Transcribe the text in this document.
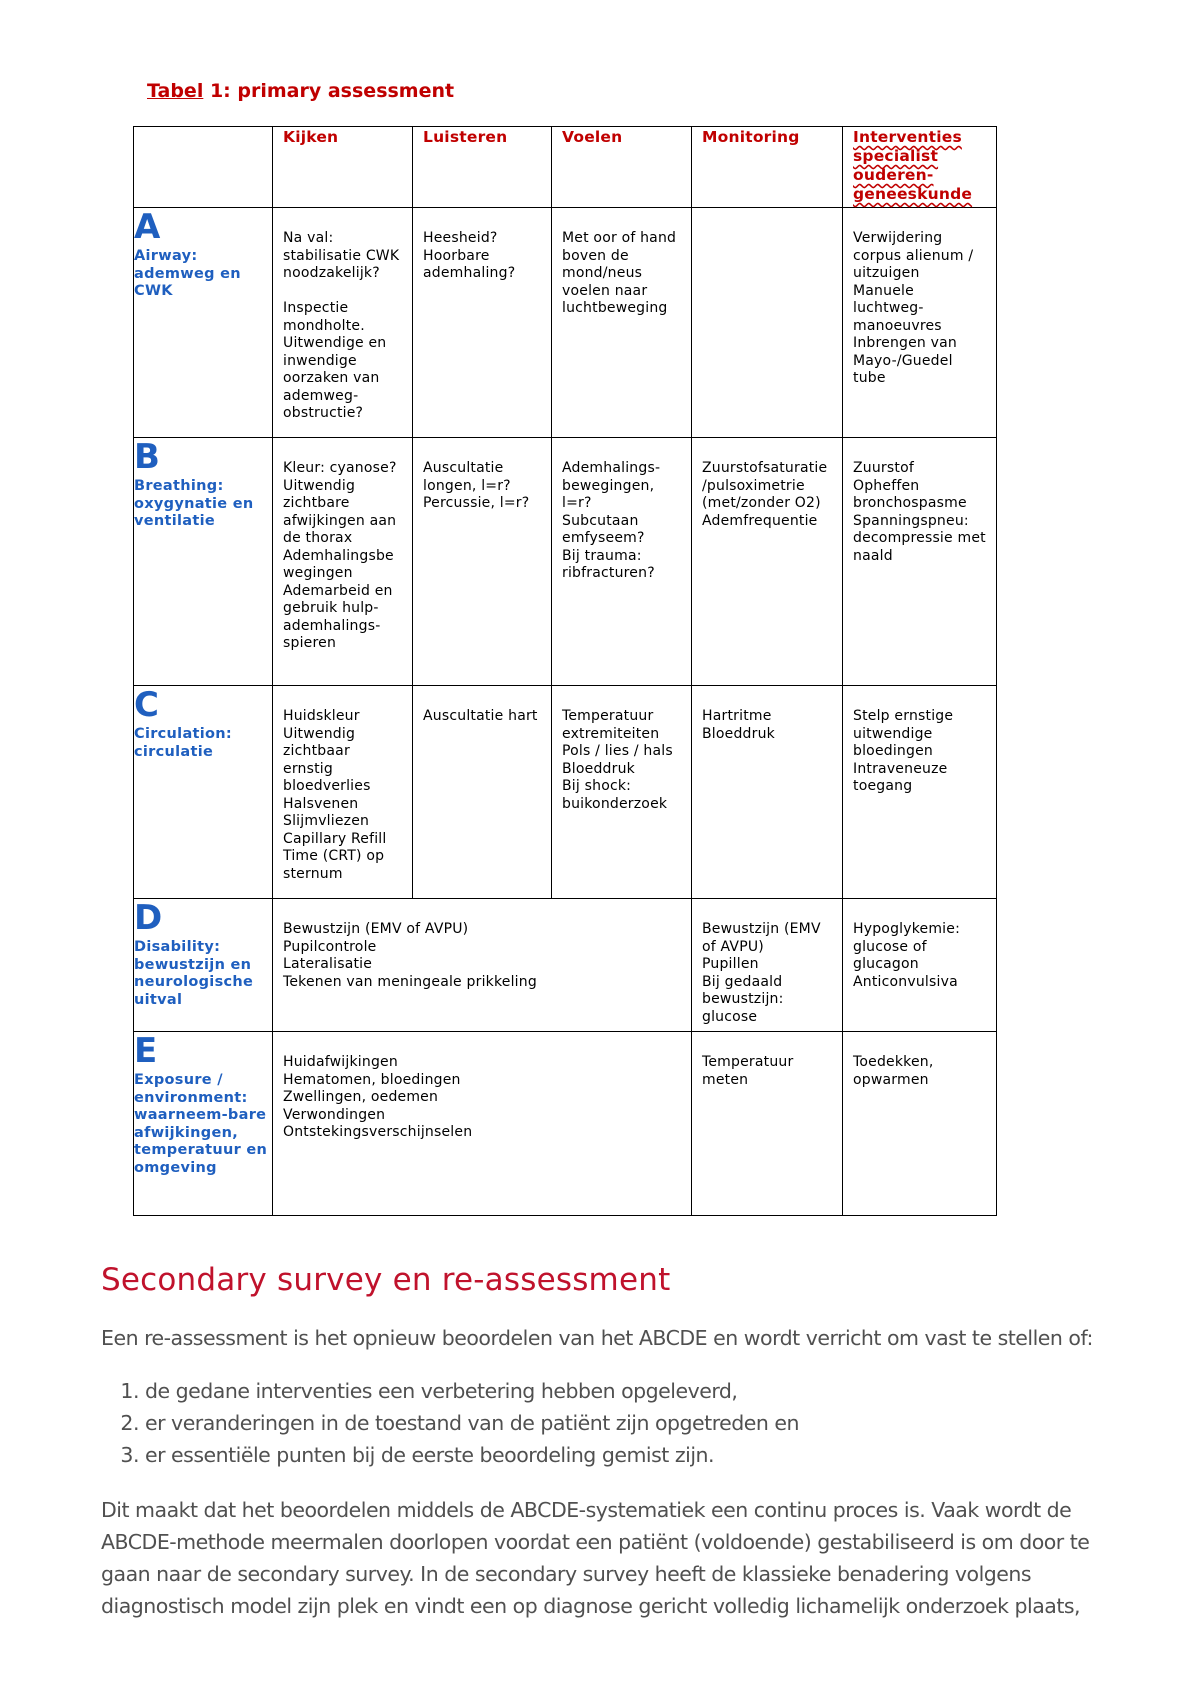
Tabel 1: primary assessment

	Kijken	Luisteren	Voelen	Monitoring	Interventies specialist ouderen-geneeskunde

A
Airway: ademweg en CWK	Na val:
stabilisatie CWK noodzakelijk?

Inspectie mondholte.
Uitwendige en inwendige oorzaken van ademweg-obstructie?	Heesheid?
Hoorbare ademhaling?	Met oor of hand boven de mond/neus voelen naar luchtbeweging		Verwijdering corpus alienum / uitzuigen
Manuele luchtweg-manoeuvres
Inbrengen van Mayo-/Guedel tube

B
Breathing: oxygynatie en ventilatie	Kleur: cyanose?
Uitwendig zichtbare afwijkingen aan de thorax
Ademhalingsbe wegingen
Ademarbeid en gebruik hulp-ademhalings-spieren	Auscultatie longen, l=r?
Percussie, l=r?	Ademhalings-bewegingen, l=r?
Subcutaan emfyseem?
Bij trauma: ribfracturen?	Zuurstofsaturatie /pulsoximetrie (met/zonder O2)
Ademfrequentie	Zuurstof
Opheffen bronchospasme
Spanningspneu: decompressie met naald

C
Circulation: circulatie	Huidskleur
Uitwendig zichtbaar ernstig bloedverlies
Halsvenen
Slijmvliezen
Capillary Refill Time (CRT) op sternum	Auscultatie hart	Temperatuur extremiteiten
Pols / lies / hals
Bloeddruk
Bij shock: buikonderzoek	Hartritme
Bloeddruk	Stelp ernstige uitwendige bloedingen
Intraveneuze toegang

D
Disability: bewustzijn en neurologische uitval	Bewustzijn (EMV of AVPU)
Pupilcontrole
Lateralisatie
Tekenen van meningeale prikkeling			Bewustzijn (EMV of AVPU)
Pupillen
Bij gedaald bewustzijn: glucose	Hypoglykemie: glucose of glucagon
Anticonvulsiva

E
Exposure / environment: waarneem-bare afwijkingen, temperatuur en omgeving	Huidafwijkingen
Hematomen, bloedingen
Zwellingen, oedemen
Verwondingen
Ontstekingsverschijnselen			Temperatuur meten	Toedekken, opwarmen
Secondary survey en re-assessment

Een re-assessment is het opnieuw beoordelen van het ABCDE en wordt verricht om vast te stellen of:

1. de gedane interventies een verbetering hebben opgeleverd,
2. er veranderingen in de toestand van de patiënt zijn opgetreden en
3. er essentiële punten bij de eerste beoordeling gemist zijn.

Dit maakt dat het beoordelen middels de ABCDE-systematiek een continu proces is. Vaak wordt de ABCDE-methode meermalen doorlopen voordat een patiënt (voldoende) gestabiliseerd is om door te gaan naar de secondary survey. In de secondary survey heeft de klassieke benadering volgens diagnostisch model zijn plek en vindt een op diagnose gericht volledig lichamelijk onderzoek plaats,
